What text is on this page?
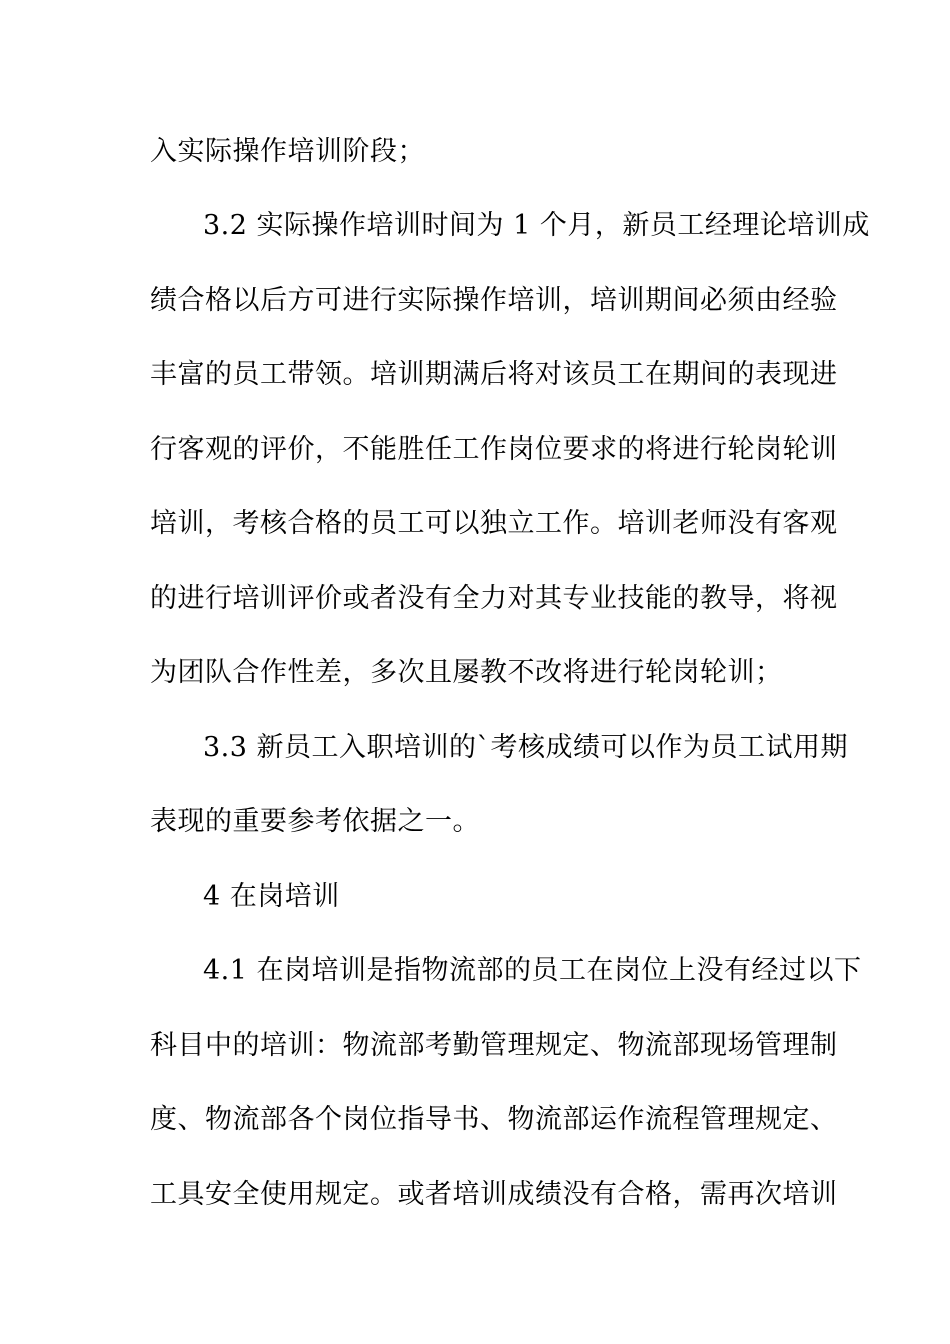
入实际操作培训阶段；
3.2 实际操作培训时间为 1 个月，新员工经理论培训成
绩合格以后方可进行实际操作培训，培训期间必须由经验
丰富的员工带领。培训期满后将对该员工在期间的表现进
行客观的评价，不能胜任工作岗位要求的将进行轮岗轮训
培训，考核合格的员工可以独立工作。培训老师没有客观
的进行培训评价或者没有全力对其专业技能的教导，将视
为团队合作性差，多次且屡教不改将进行轮岗轮训；
3.3 新员工入职培训的`考核成绩可以作为员工试用期
表现的重要参考依据之一。
4 在岗培训
4.1 在岗培训是指物流部的员工在岗位上没有经过以下
科目中的培训：物流部考勤管理规定、物流部现场管理制
度、物流部各个岗位指导书、物流部运作流程管理规定、
工具安全使用规定。或者培训成绩没有合格，需再次培训
